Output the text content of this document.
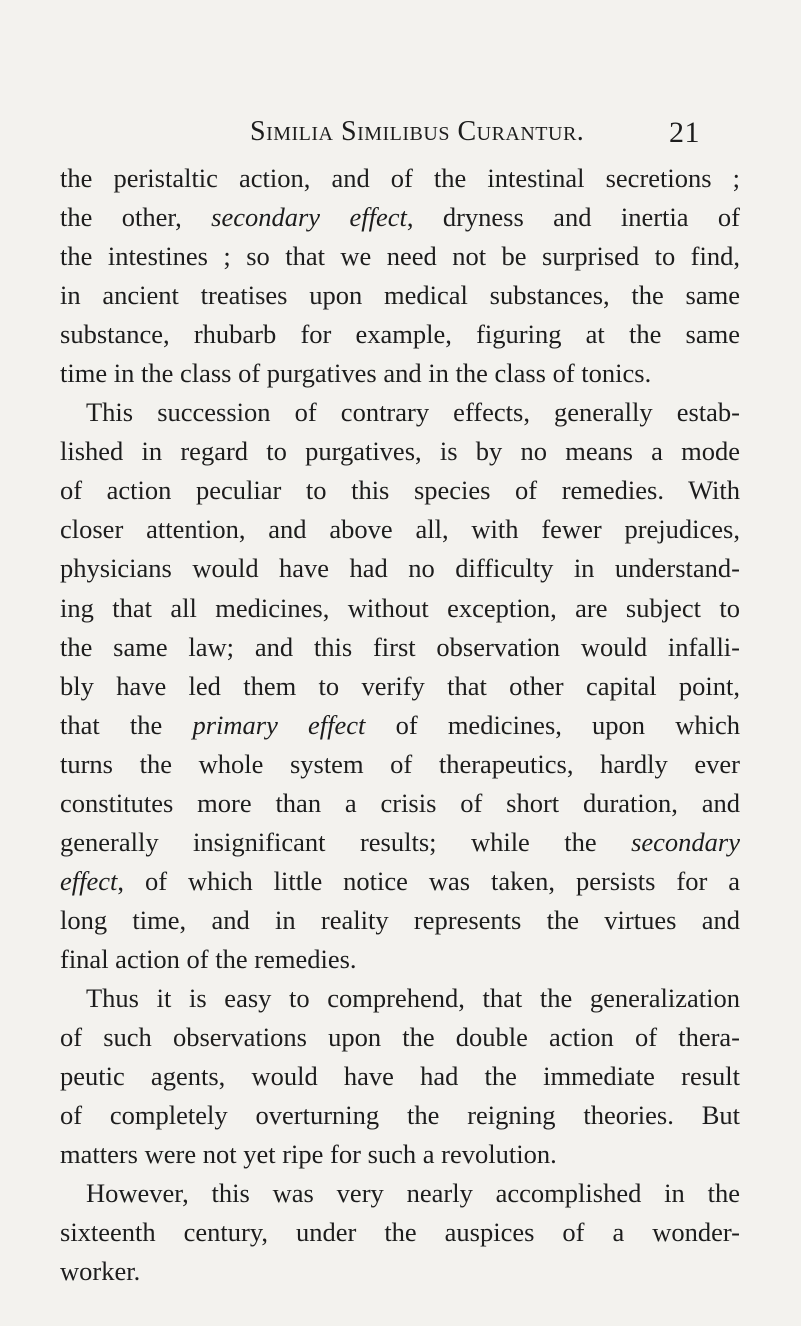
Similia Similibus Curantur.	21
the peristaltic action, and of the intestinal secretions ;
the other, secondary effect, dryness and inertia of
the intestines ; so that we need not be surprised to find,
in ancient treatises upon medical substances, the same
substance, rhubarb for example, figuring at the same
time in the class of purgatives and in the class of tonics.
This succession of contrary effects, generally estab-
lished in regard to purgatives, is by no means a mode
of action peculiar to this species of remedies. With
closer attention, and above all, with fewer prejudices,
physicians would have had no difficulty in understand-
ing that all medicines, without exception, are subject to
the same law; and this first observation would infalli-
bly have led them to verify that other capital point,
that the primary effect of medicines, upon which
turns the whole system of therapeutics, hardly ever
constitutes more than a crisis of short duration, and
generally insignificant results; while the secondary
effect, of which little notice was taken, persists for a
long time, and in reality represents the virtues and
final action of the remedies.
Thus it is easy to comprehend, that the generalization
of such observations upon the double action of thera-
peutic agents, would have had the immediate result
of completely overturning the reigning theories. But
matters were not yet ripe for such a revolution.
However, this was very nearly accomplished in the
sixteenth century, under the auspices of a wonder-
worker.
